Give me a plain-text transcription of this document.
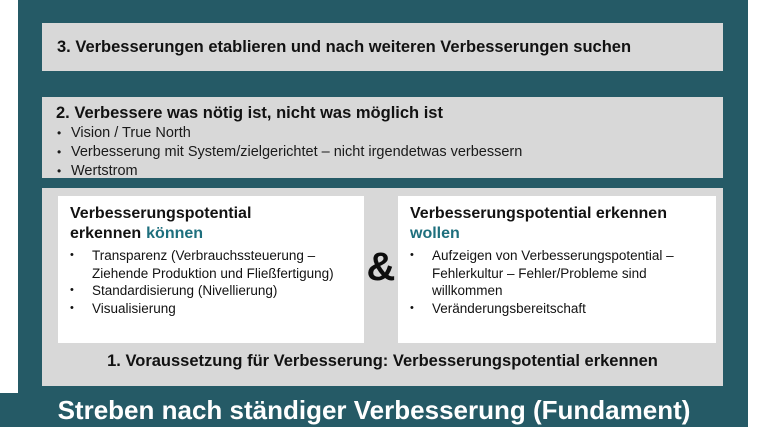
3. Verbesserungen etablieren und nach weiteren Verbesserungen suchen
2. Verbessere was nötig ist, nicht was möglich ist
•
Vision / True North
•
Verbesserung mit System/zielgerichtet – nicht irgendetwas verbessern
•
Wertstrom
Verbesserungspotential
erkennen können
•
Transparenz (Verbrauchssteuerung – Ziehende Produktion und Fließfertigung)
•
Standardisierung (Nivellierung)
•
Visualisierung
&
Verbesserungspotential erkennen
wollen
•
Aufzeigen von Verbesserungspotential – Fehlerkultur – Fehler/Probleme sind willkommen
•
Veränderungsbereitschaft
1. Voraussetzung für Verbesserung: Verbesserungspotential erkennen
Streben nach ständiger Verbesserung (Fundament)
